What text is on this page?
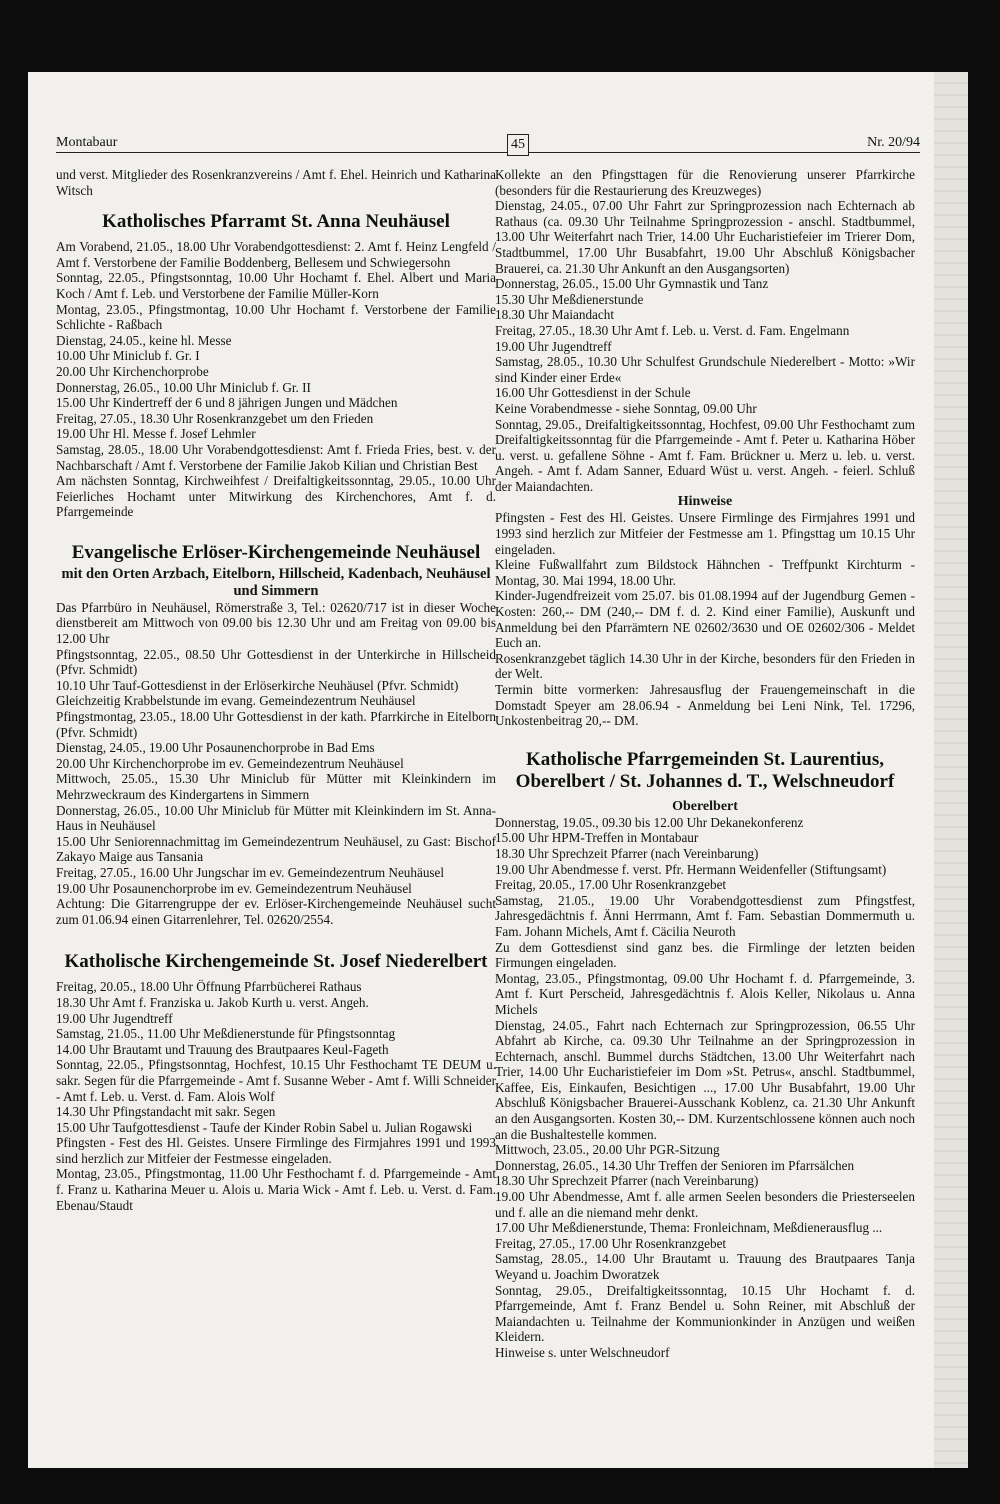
Montabaur	45	Nr. 20/94

und verst. Mitglieder des Rosenkranzvereins / Amt f. Ehel. Heinrich und Katharina Witsch

Katholisches Pfarramt St. Anna Neuhäusel

Am Vorabend, 21.05., 18.00 Uhr Vorabendgottesdienst: 2. Amt f. Heinz Lengfeld / Amt f. Verstorbene der Familie Boddenberg, Bellesem und Schwiegersohn

Sonntag, 22.05., Pfingstsonntag, 10.00 Uhr Hochamt f. Ehel. Albert und Maria Koch / Amt f. Leb. und Verstorbene der Familie Müller-Korn

Montag, 23.05., Pfingstmontag, 10.00 Uhr Hochamt f. Verstorbene der Familie Schlichte - Raßbach

Dienstag, 24.05., keine hl. Messe

10.00 Uhr Miniclub f. Gr. I

20.00 Uhr Kirchenchorprobe

Donnerstag, 26.05., 10.00 Uhr Miniclub f. Gr. II

15.00 Uhr Kindertreff der 6 und 8 jährigen Jungen und Mädchen

Freitag, 27.05., 18.30 Uhr Rosenkranzgebet um den Frieden

19.00 Uhr Hl. Messe f. Josef Lehmler

Samstag, 28.05., 18.00 Uhr Vorabendgottesdienst: Amt f. Frieda Fries, best. v. der Nachbarschaft / Amt f. Verstorbene der Familie Jakob Kilian und Christian Best

Am nächsten Sonntag, Kirchweihfest / Dreifaltigkeitssonntag, 29.05., 10.00 Uhr Feierliches Hochamt unter Mitwirkung des Kirchenchores, Amt f. d. Pfarrgemeinde

Evangelische Erlöser-Kirchengemeinde Neuhäusel

mit den Orten Arzbach, Eitelborn, Hillscheid, Kadenbach, Neuhäusel und Simmern

Das Pfarrbüro in Neuhäusel, Römerstraße 3, Tel.: 02620/717 ist in dieser Woche dienstbereit am Mittwoch von 09.00 bis 12.30 Uhr und am Freitag von 09.00 bis 12.00 Uhr

Pfingstsonntag, 22.05., 08.50 Uhr Gottesdienst in der Unterkirche in Hillscheid (Pfvr. Schmidt)

10.10 Uhr Tauf-Gottesdienst in der Erlöserkirche Neuhäusel (Pfvr. Schmidt)

Gleichzeitig Krabbelstunde im evang. Gemeindezentrum Neuhäusel

Pfingstmontag, 23.05., 18.00 Uhr Gottesdienst in der kath. Pfarrkirche in Eitelborn (Pfvr. Schmidt)

Dienstag, 24.05., 19.00 Uhr Posaunenchorprobe in Bad Ems

20.00 Uhr Kirchenchorprobe im ev. Gemeindezentrum Neuhäusel

Mittwoch, 25.05., 15.30 Uhr Miniclub für Mütter mit Kleinkindern im Mehrzweckraum des Kindergartens in Simmern

Donnerstag, 26.05., 10.00 Uhr Miniclub für Mütter mit Kleinkindern im St. Anna-Haus in Neuhäusel

15.00 Uhr Seniorennachmittag im Gemeindezentrum Neuhäusel, zu Gast: Bischof Zakayo Maige aus Tansania

Freitag, 27.05., 16.00 Uhr Jungschar im ev. Gemeindezentrum Neuhäusel

19.00 Uhr Posaunenchorprobe im ev. Gemeindezentrum Neuhäusel

Achtung: Die Gitarrengruppe der ev. Erlöser-Kirchengemeinde Neuhäusel sucht zum 01.06.94 einen Gitarrenlehrer, Tel. 02620/2554.

Katholische Kirchengemeinde St. Josef Niederelbert

Freitag, 20.05., 18.00 Uhr Öffnung Pfarrbücherei Rathaus

18.30 Uhr Amt f. Franziska u. Jakob Kurth u. verst. Angeh.

19.00 Uhr Jugendtreff

Samstag, 21.05., 11.00 Uhr Meßdienerstunde für Pfingstsonntag

14.00 Uhr Brautamt und Trauung des Brautpaares Keul-Fageth

Sonntag, 22.05., Pfingstsonntag, Hochfest, 10.15 Uhr Festhochamt TE DEUM u. sakr. Segen für die Pfarrgemeinde - Amt f. Susanne Weber - Amt f. Willi Schneider - Amt f. Leb. u. Verst. d. Fam. Alois Wolf

14.30 Uhr Pfingstandacht mit sakr. Segen

15.00 Uhr Taufgottesdienst - Taufe der Kinder Robin Sabel u. Julian Rogawski

Pfingsten - Fest des Hl. Geistes. Unsere Firmlinge des Firmjahres 1991 und 1993 sind herzlich zur Mitfeier der Festmesse eingeladen.

Montag, 23.05., Pfingstmontag, 11.00 Uhr Festhochamt f. d. Pfarrgemeinde - Amt f. Franz u. Katharina Meuer u. Alois u. Maria Wick - Amt f. Leb. u. Verst. d. Fam. Ebenau/Staudt

Kollekte an den Pfingsttagen für die Renovierung unserer Pfarrkirche (besonders für die Restaurierung des Kreuzweges)

Dienstag, 24.05., 07.00 Uhr Fahrt zur Springprozession nach Echternach ab Rathaus (ca. 09.30 Uhr Teilnahme Springprozession - anschl. Stadtbummel, 13.00 Uhr Weiterfahrt nach Trier, 14.00 Uhr Eucharistiefeier im Trierer Dom, Stadtbummel, 17.00 Uhr Busabfahrt, 19.00 Uhr Abschluß Königsbacher Brauerei, ca. 21.30 Uhr Ankunft an den Ausgangsorten)

Donnerstag, 26.05., 15.00 Uhr Gymnastik und Tanz

15.30 Uhr Meßdienerstunde

18.30 Uhr Maiandacht

Freitag, 27.05., 18.30 Uhr Amt f. Leb. u. Verst. d. Fam. Engelmann

19.00 Uhr Jugendtreff

Samstag, 28.05., 10.30 Uhr Schulfest Grundschule Niederelbert - Motto: »Wir sind Kinder einer Erde«

16.00 Uhr Gottesdienst in der Schule

Keine Vorabendmesse - siehe Sonntag, 09.00 Uhr

Sonntag, 29.05., Dreifaltigkeitssonntag, Hochfest, 09.00 Uhr Festhochamt zum Dreifaltigkeitssonntag für die Pfarrgemeinde - Amt f. Peter u. Katharina Höber u. verst. u. gefallene Söhne - Amt f. Fam. Brückner u. Merz u. leb. u. verst. Angeh. - Amt f. Adam Sanner, Eduard Wüst u. verst. Angeh. - feierl. Schluß der Maiandachten.

Hinweise

Pfingsten - Fest des Hl. Geistes. Unsere Firmlinge des Firmjahres 1991 und 1993 sind herzlich zur Mitfeier der Festmesse am 1. Pfingsttag um 10.15 Uhr eingeladen.

Kleine Fußwallfahrt zum Bildstock Hähnchen - Treffpunkt Kirchturm - Montag, 30. Mai 1994, 18.00 Uhr.

Kinder-Jugendfreizeit vom 25.07. bis 01.08.1994 auf der Jugendburg Gemen - Kosten: 260,-- DM (240,-- DM f. d. 2. Kind einer Familie), Auskunft und Anmeldung bei den Pfarrämtern NE 02602/3630 und OE 02602/306 - Meldet Euch an.

Rosenkranzgebet täglich 14.30 Uhr in der Kirche, besonders für den Frieden in der Welt.

Termin bitte vormerken: Jahresausflug der Frauengemeinschaft in die Domstadt Speyer am 28.06.94 - Anmeldung bei Leni Nink, Tel. 17296, Unkostenbeitrag 20,-- DM.

Katholische Pfarrgemeinden St. Laurentius, Oberelbert / St. Johannes d. T., Welschneudorf

Oberelbert

Donnerstag, 19.05., 09.30 bis 12.00 Uhr Dekanekonferenz

15.00 Uhr HPM-Treffen in Montabaur

18.30 Uhr Sprechzeit Pfarrer (nach Vereinbarung)

19.00 Uhr Abendmesse f. verst. Pfr. Hermann Weidenfeller (Stiftungsamt)

Freitag, 20.05., 17.00 Uhr Rosenkranzgebet

Samstag, 21.05., 19.00 Uhr Vorabendgottesdienst zum Pfingstfest, Jahresgedächtnis f. Änni Herrmann, Amt f. Fam. Sebastian Dommermuth u. Fam. Johann Michels, Amt f. Cäcilia Neuroth

Zu dem Gottesdienst sind ganz bes. die Firmlinge der letzten beiden Firmungen eingeladen.

Montag, 23.05., Pfingstmontag, 09.00 Uhr Hochamt f. d. Pfarrgemeinde, 3. Amt f. Kurt Perscheid, Jahresgedächtnis f. Alois Keller, Nikolaus u. Anna Michels

Dienstag, 24.05., Fahrt nach Echternach zur Springprozession, 06.55 Uhr Abfahrt ab Kirche, ca. 09.30 Uhr Teilnahme an der Springprozession in Echternach, anschl. Bummel durchs Städtchen, 13.00 Uhr Weiterfahrt nach Trier, 14.00 Uhr Eucharistiefeier im Dom »St. Petrus«, anschl. Stadtbummel, Kaffee, Eis, Einkaufen, Besichtigen ..., 17.00 Uhr Busabfahrt, 19.00 Uhr Abschluß Königsbacher Brauerei-Ausschank Koblenz, ca. 21.30 Uhr Ankunft an den Ausgangsorten. Kosten 30,-- DM. Kurzentschlossene können auch noch an die Bushaltestelle kommen.

Mittwoch, 23.05., 20.00 Uhr PGR-Sitzung

Donnerstag, 26.05., 14.30 Uhr Treffen der Senioren im Pfarrsälchen

18.30 Uhr Sprechzeit Pfarrer (nach Vereinbarung)

19.00 Uhr Abendmesse, Amt f. alle armen Seelen besonders die Priesterseelen und f. alle an die niemand mehr denkt.

17.00 Uhr Meßdienerstunde, Thema: Fronleichnam, Meßdienerausflug ...

Freitag, 27.05., 17.00 Uhr Rosenkranzgebet

Samstag, 28.05., 14.00 Uhr Brautamt u. Trauung des Brautpaares Tanja Weyand u. Joachim Dworatzek

Sonntag, 29.05., Dreifaltigkeitssonntag, 10.15 Uhr Hochamt f. d. Pfarrgemeinde, Amt f. Franz Bendel u. Sohn Reiner, mit Abschluß der Maiandachten u. Teilnahme der Kommunionkinder in Anzügen und weißen Kleidern.

Hinweise s. unter Welschneudorf
